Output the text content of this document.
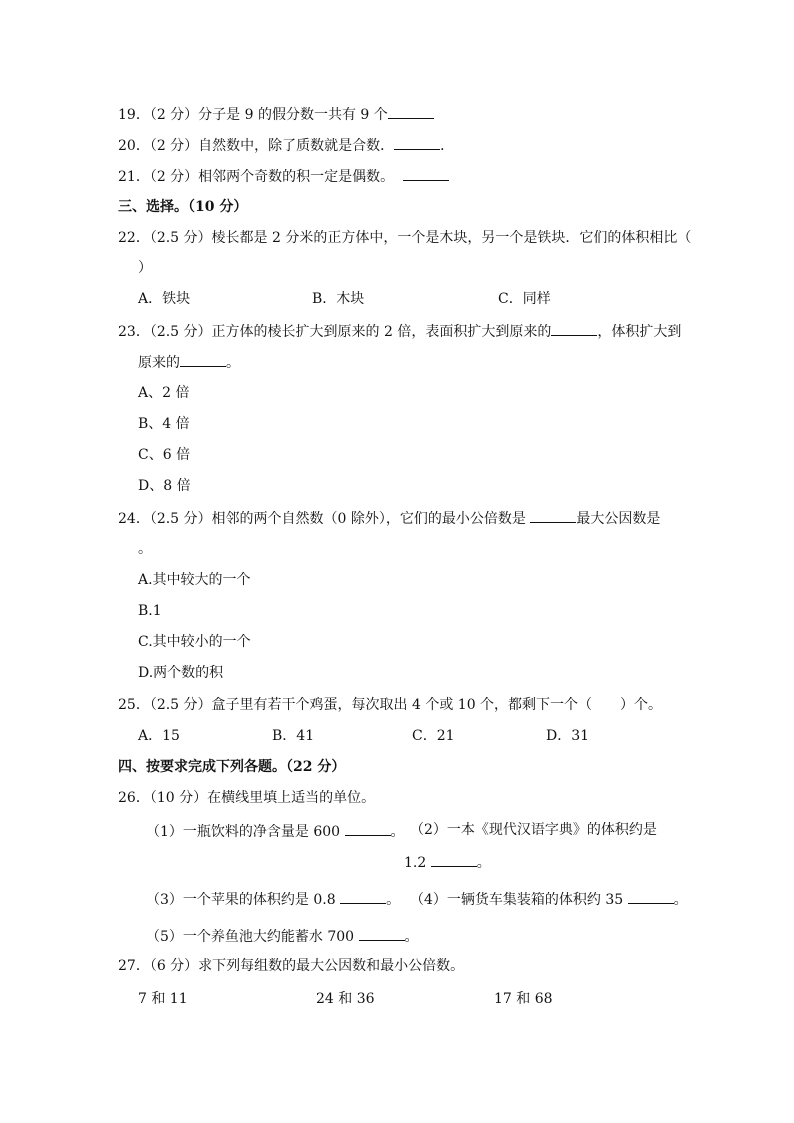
19．（2 分）分子是 9 的假分数一共有 9 个
20．（2 分）自然数中，除了质数就是合数．	．
21．（2 分）相邻两个奇数的积一定是偶数。
三、选择。（10 分）
22．（2.5 分）棱长都是 2 分米的正方体中，一个是木块，另一个是铁块．它们的体积相比（
）
A．铁块	B．木块	C．同样
23．（2.5 分）正方体的棱长扩大到原来的 2 倍，表面积扩大到原来的	，体积扩大到
原来的	。
A、2 倍
B、4 倍
C、6 倍
D、8 倍
24．（2.5 分）相邻的两个自然数（0 除外），它们的最小公倍数是	最大公因数是
。
A.其中较大的一个
B.1
C.其中较小的一个
D.两个数的积
25．（2.5 分）盒子里有若干个鸡蛋，每次取出 4 个或 10 个，都剩下一个（　　）个。
A．15	B．41	C．21	D．31
四、按要求完成下列各题。（22 分）
26．（10 分）在横线里填上适当的单位。
（1）一瓶饮料的净含量是 600	。 （2）一本《现代汉语字典》的体积约是
1.2	。
（3）一个苹果的体积约是 0.8	。 （4）一辆货车集装箱的体积约 35	。
（5）一个养鱼池大约能蓄水 700	。
27．（6 分）求下列每组数的最大公因数和最小公倍数。
7 和 11	24 和 36	17 和 68
